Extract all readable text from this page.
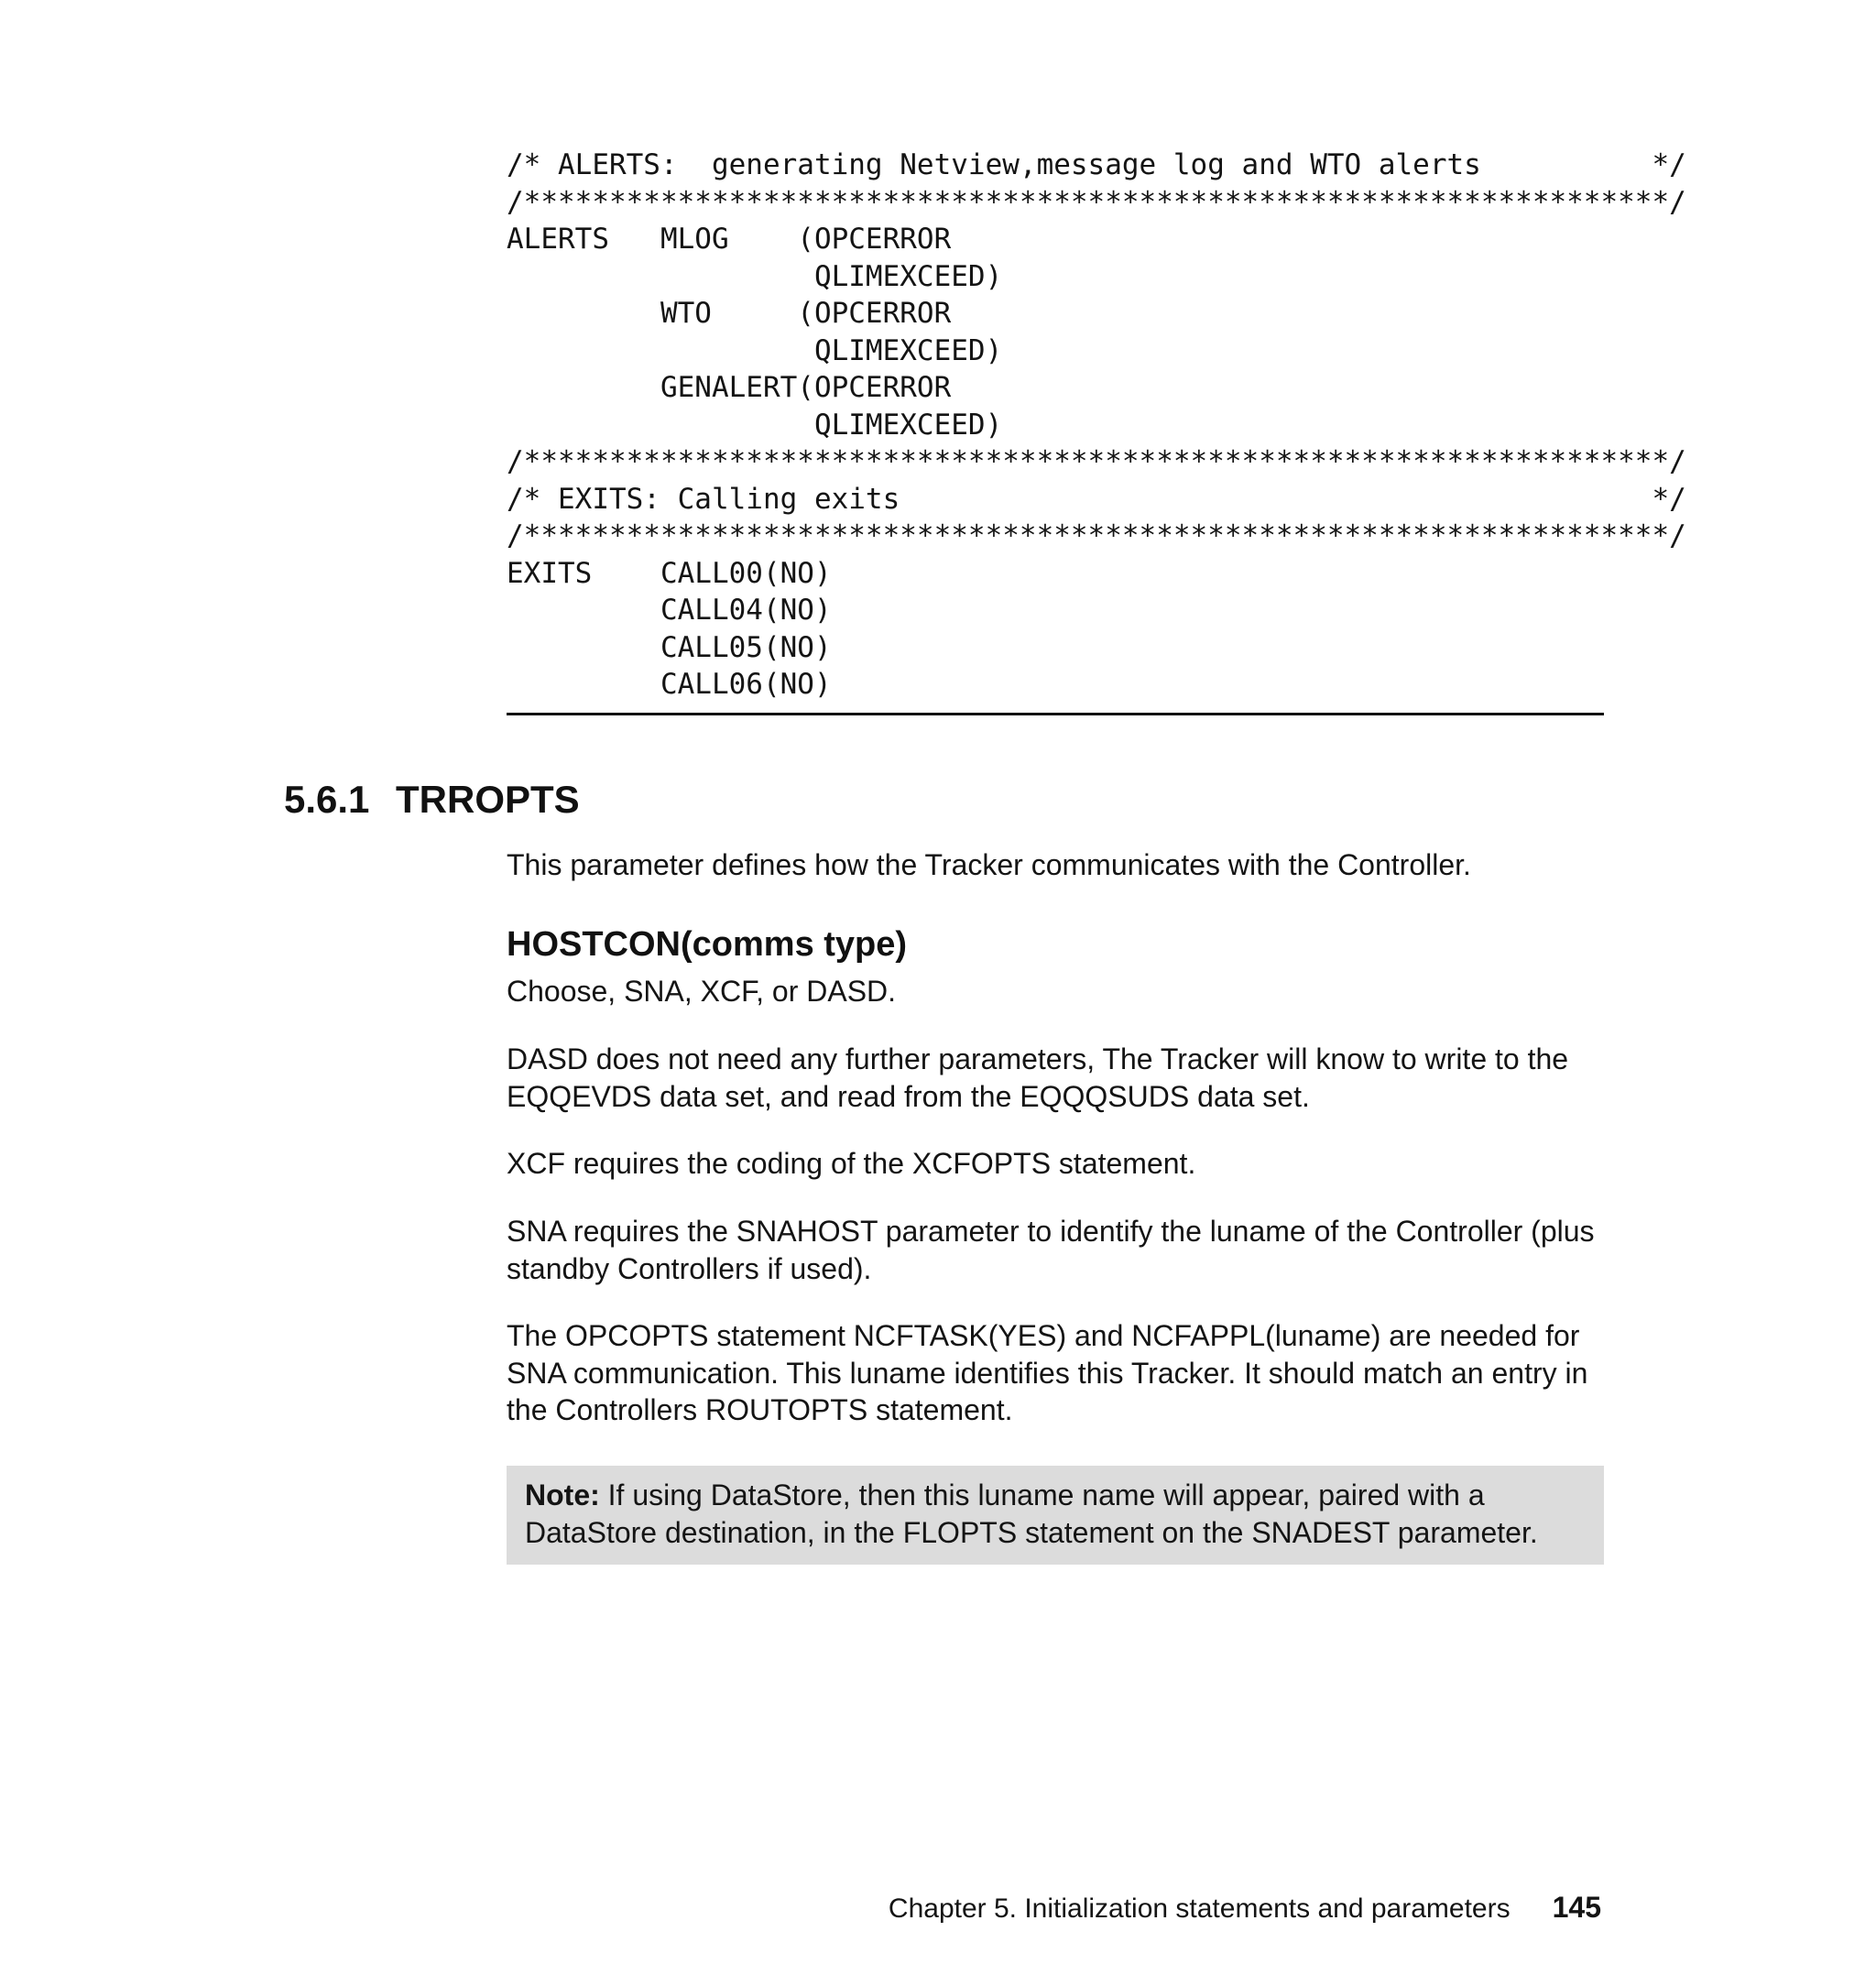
/* ALERTS:  generating Netview,message log and WTO alerts          */
/*******************************************************************/
ALERTS   MLOG    (OPCERROR
QLIMEXCEED)
WTO     (OPCERROR
QLIMEXCEED)
GENALERT(OPCERROR
QLIMEXCEED)
/*******************************************************************/
/* EXITS: Calling exits                                            */
/*******************************************************************/
EXITS    CALL00(NO)
CALL04(NO)
CALL05(NO)
CALL06(NO)
5.6.1 TRROPTS

This parameter defines how the Tracker communicates with the Controller.

HOSTCON(comms type)

Choose, SNA, XCF, or DASD.

DASD does not need any further parameters, The Tracker will know to write to the EQQEVDS data set, and read from the EQQQSUDS data set.

XCF requires the coding of the XCFOPTS statement.

SNA requires the SNAHOST parameter to identify the luname of the Controller (plus standby Controllers if used).

The OPCOPTS statement NCFTASK(YES) and NCFAPPL(luname) are needed for SNA communication. This luname identifies this Tracker. It should match an entry in the Controllers ROUTOPTS statement.

Note: If using DataStore, then this luname name will appear, paired with a DataStore destination, in the FLOPTS statement on the SNADEST parameter.

Chapter 5. Initialization statements and parameters 145
